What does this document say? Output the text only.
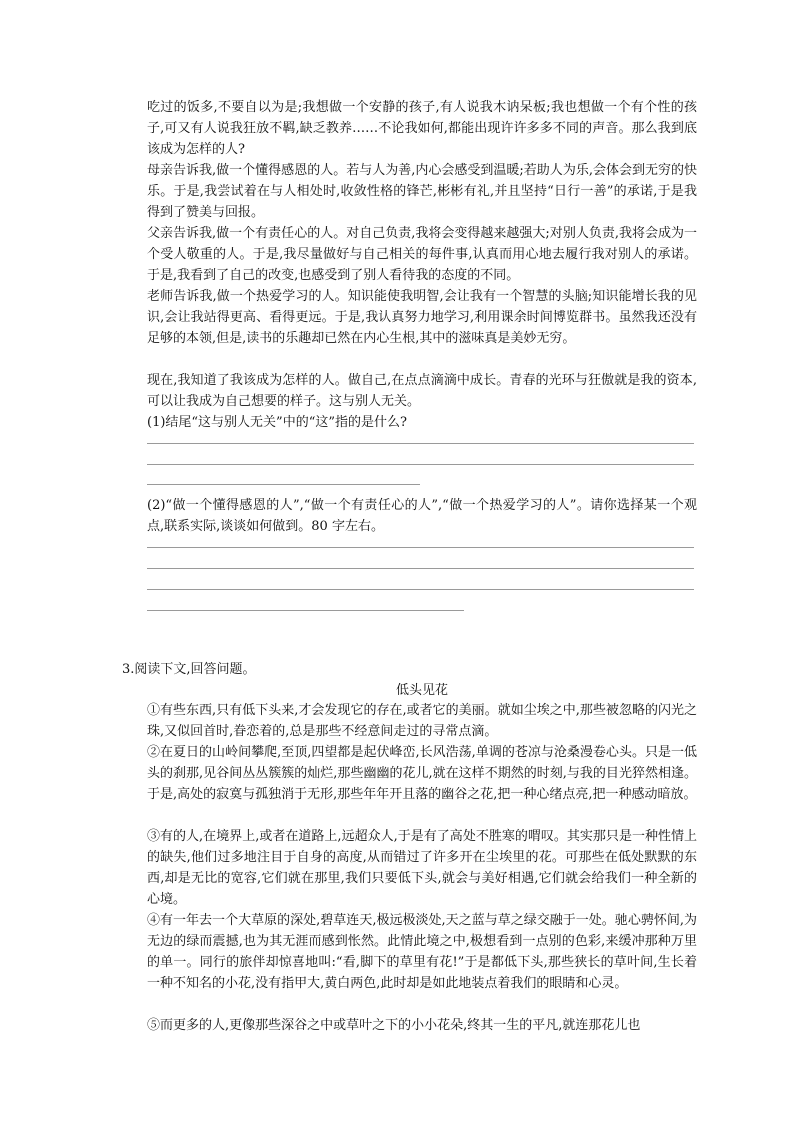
吃过的饭多,不要自以为是;我想做一个安静的孩子,有人说我木讷呆板;我也想做一个有个性的孩子,可又有人说我狂放不羁,缺乏教养……不论我如何,都能出现许许多多不同的声音。那么我到底该成为怎样的人?

母亲告诉我,做一个懂得感恩的人。若与人为善,内心会感受到温暖;若助人为乐,会体会到无穷的快乐。于是,我尝试着在与人相处时,收敛性格的锋芒,彬彬有礼,并且坚持“日行一善”的承诺,于是我得到了赞美与回报。

父亲告诉我,做一个有责任心的人。对自己负责,我将会变得越来越强大;对别人负责,我将会成为一个受人敬重的人。于是,我尽量做好与自己相关的每件事,认真而用心地去履行我对别人的承诺。于是,我看到了自己的改变,也感受到了别人看待我的态度的不同。

老师告诉我,做一个热爱学习的人。知识能使我明智,会让我有一个智慧的头脑;知识能增长我的见识,会让我站得更高、看得更远。于是,我认真努力地学习,利用课余时间博览群书。虽然我还没有足够的本领,但是,读书的乐趣却已然在内心生根,其中的滋味真是美妙无穷。

现在,我知道了我该成为怎样的人。做自己,在点点滴滴中成长。青春的光环与狂傲就是我的资本,可以让我成为自己想要的样子。这与别人无关。

(1)结尾“这与别人无关”中的“这”指的是什么?

(2)“做一个懂得感恩的人”,“做一个有责任心的人”,“做一个热爱学习的人”。请你选择某一个观点,联系实际,谈谈如何做到。80 字左右。

3.阅读下文,回答问题。

低头见花

①有些东西,只有低下头来,才会发现它的存在,或者它的美丽。就如尘埃之中,那些被忽略的闪光之珠,又似回首时,眷恋着的,总是那些不经意间走过的寻常点滴。

②在夏日的山岭间攀爬,至顶,四望都是起伏峰峦,长风浩荡,单调的苍凉与沧桑漫卷心头。只是一低头的刹那,见谷间丛丛簇簇的灿烂,那些幽幽的花儿,就在这样不期然的时刻,与我的目光猝然相逢。于是,高处的寂寞与孤独消于无形,那些年年开且落的幽谷之花,把一种心绪点亮,把一种感动暗放。

③有的人,在境界上,或者在道路上,远超众人,于是有了高处不胜寒的喟叹。其实那只是一种性情上的缺失,他们过多地注目于自身的高度,从而错过了许多开在尘埃里的花。可那些在低处默默的东西,却是无比的宽容,它们就在那里,我们只要低下头,就会与美好相遇,它们就会给我们一种全新的心境。

④有一年去一个大草原的深处,碧草连天,极远极淡处,天之蓝与草之绿交融于一处。驰心骋怀间,为无边的绿而震撼,也为其无涯而感到怅然。此情此境之中,极想看到一点别的色彩,来缓冲那种万里的单一。同行的旅伴却惊喜地叫:“看,脚下的草里有花!”于是都低下头,那些狭长的草叶间,生长着一种不知名的小花,没有指甲大,黄白两色,此时却是如此地装点着我们的眼睛和心灵。

⑤而更多的人,更像那些深谷之中或草叶之下的小小花朵,终其一生的平凡,就连那花儿也
